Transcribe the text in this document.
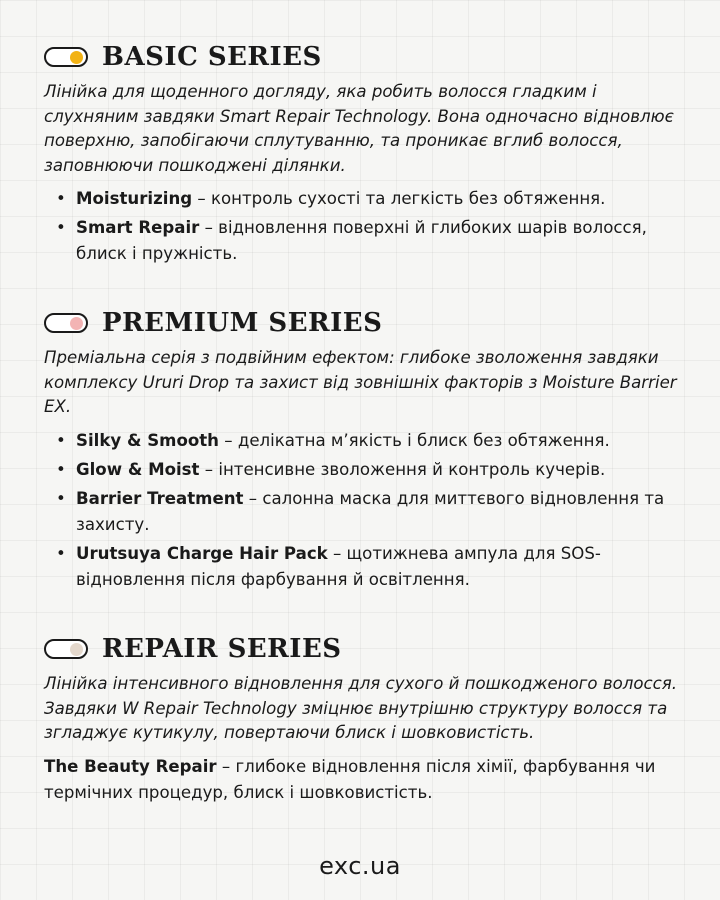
BASIC SERIES
Лінійка для щоденного догляду, яка робить волосся гладким і слухняним завдяки Smart Repair Technology. Вона одночасно відновлює поверхню, запобігаючи сплутуванню, та проникає вглиб волосся, заповнюючи пошкоджені ділянки.
• Moisturizing – контроль сухості та легкість без обтяження.
• Smart Repair – відновлення поверхні й глибоких шарів волосся, блиск і пружність.
PREMIUM SERIES
Преміальна серія з подвійним ефектом: глибоке зволоження завдяки комплексу Ururi Drop та захист від зовнішніх факторів з Moisture Barrier EX.
• Silky & Smooth – делікатна м’якість і блиск без обтяження.
• Glow & Moist – інтенсивне зволоження й контроль кучерів.
• Barrier Treatment – салонна маска для миттєвого відновлення та захисту.
• Urutsuya Charge Hair Pack – щотижнева ампула для SOS-відновлення після фарбування й освітлення.
REPAIR SERIES
Лінійка інтенсивного відновлення для сухого й пошкодженого волосся. Завдяки W Repair Technology зміцнює внутрішню структуру волосся та згладжує кутикулу, повертаючи блиск і шовковистість.
The Beauty Repair – глибоке відновлення після хімії, фарбування чи термічних процедур, блиск і шовковистість.
exc.ua
